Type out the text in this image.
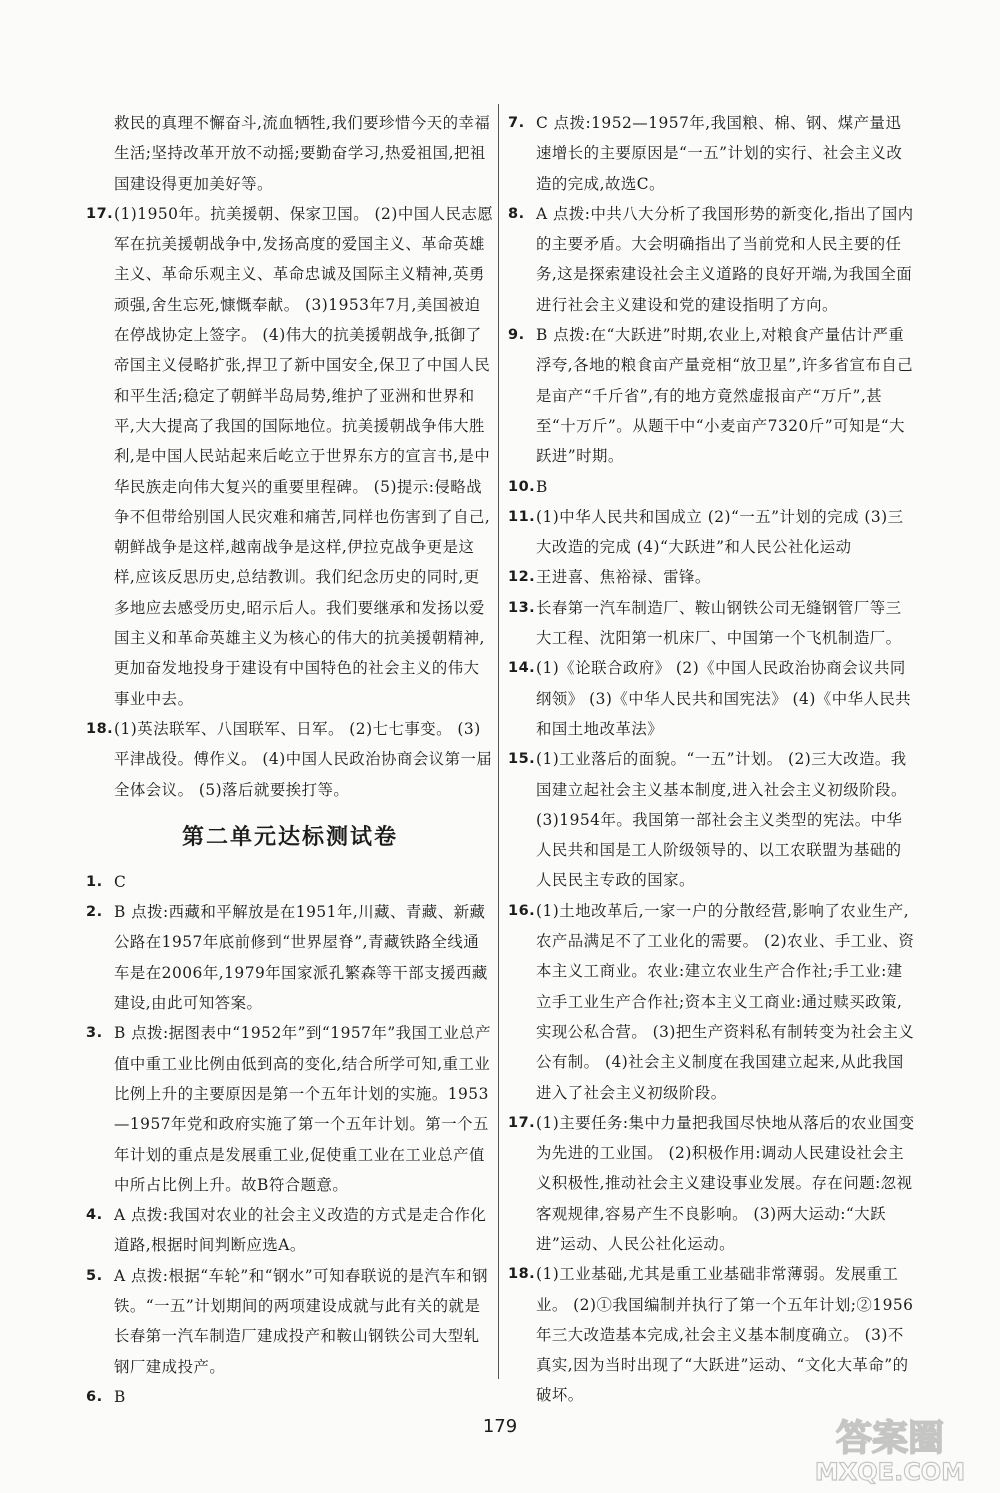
救民的真理不懈奋斗,流血牺牲,我们要珍惜今天的幸福生活;坚持改革开放不动摇;要勤奋学习,热爱祖国,把祖国建设得更加美好等。
17. (1)1950年。抗美援朝、保家卫国。 (2)中国人民志愿军在抗美援朝战争中,发扬高度的爱国主义、革命英雄主义、革命乐观主义、革命忠诚及国际主义精神,英勇顽强,舍生忘死,慷慨奉献。 (3)1953年7月,美国被迫在停战协定上签字。 (4)伟大的抗美援朝战争,抵御了帝国主义侵略扩张,捍卫了新中国安全,保卫了中国人民和平生活;稳定了朝鲜半岛局势,维护了亚洲和世界和平,大大提高了我国的国际地位。抗美援朝战争伟大胜利,是中国人民站起来后屹立于世界东方的宣言书,是中华民族走向伟大复兴的重要里程碑。 (5)提示:侵略战争不但带给别国人民灾难和痛苦,同样也伤害到了自己,朝鲜战争是这样,越南战争是这样,伊拉克战争更是这样,应该反思历史,总结教训。我们纪念历史的同时,更多地应去感受历史,昭示后人。我们要继承和发扬以爱国主义和革命英雄主义为核心的伟大的抗美援朝精神,更加奋发地投身于建设有中国特色的社会主义的伟大事业中去。
18. (1)英法联军、八国联军、日军。 (2)七七事变。 (3)平津战役。傅作义。 (4)中国人民政治协商会议第一届全体会议。 (5)落后就要挨打等。
第二单元达标测试卷
1. C
2. B 点拨:西藏和平解放是在1951年,川藏、青藏、新藏公路在1957年底前修到“世界屋脊”,青藏铁路全线通车是在2006年,1979年国家派孔繁森等干部支援西藏建设,由此可知答案。
3. B 点拨:据图表中“1952年”到“1957年”我国工业总产值中重工业比例由低到高的变化,结合所学可知,重工业比例上升的主要原因是第一个五年计划的实施。1953—1957年党和政府实施了第一个五年计划。第一个五年计划的重点是发展重工业,促使重工业在工业总产值中所占比例上升。故B符合题意。
4. A 点拨:我国对农业的社会主义改造的方式是走合作化道路,根据时间判断应选A。
5. A 点拨:根据“车轮”和“钢水”可知春联说的是汽车和钢铁。“一五”计划期间的两项建设成就与此有关的就是长春第一汽车制造厂建成投产和鞍山钢铁公司大型轧钢厂建成投产。
6. B
7. C 点拨:1952—1957年,我国粮、棉、钢、煤产量迅速增长的主要原因是“一五”计划的实行、社会主义改造的完成,故选C。
8. A 点拨:中共八大分析了我国形势的新变化,指出了国内的主要矛盾。大会明确指出了当前党和人民主要的任务,这是探索建设社会主义道路的良好开端,为我国全面进行社会主义建设和党的建设指明了方向。
9. B 点拨:在“大跃进”时期,农业上,对粮食产量估计严重浮夸,各地的粮食亩产量竞相“放卫星”,许多省宣布自己是亩产“千斤省”,有的地方竟然虚报亩产“万斤”,甚至“十万斤”。从题干中“小麦亩产7320斤”可知是“大跃进”时期。
10. B
11. (1)中华人民共和国成立 (2)“一五”计划的完成 (3)三大改造的完成 (4)“大跃进”和人民公社化运动
12. 王进喜、焦裕禄、雷锋。
13. 长春第一汽车制造厂、鞍山钢铁公司无缝钢管厂等三大工程、沈阳第一机床厂、中国第一个飞机制造厂。
14. (1)《论联合政府》 (2)《中国人民政治协商会议共同纲领》 (3)《中华人民共和国宪法》 (4)《中华人民共和国土地改革法》
15. (1)工业落后的面貌。“一五”计划。 (2)三大改造。我国建立起社会主义基本制度,进入社会主义初级阶段。(3)1954年。我国第一部社会主义类型的宪法。中华人民共和国是工人阶级领导的、以工农联盟为基础的人民民主专政的国家。
16. (1)土地改革后,一家一户的分散经营,影响了农业生产,农产品满足不了工业化的需要。 (2)农业、手工业、资本主义工商业。农业:建立农业生产合作社;手工业:建立手工业生产合作社;资本主义工商业:通过赎买政策,实现公私合营。 (3)把生产资料私有制转变为社会主义公有制。 (4)社会主义制度在我国建立起来,从此我国进入了社会主义初级阶段。
17. (1)主要任务:集中力量把我国尽快地从落后的农业国变为先进的工业国。 (2)积极作用:调动人民建设社会主义积极性,推动社会主义建设事业发展。存在问题:忽视客观规律,容易产生不良影响。 (3)两大运动:“大跃进”运动、人民公社化运动。
18. (1)工业基础,尤其是重工业基础非常薄弱。发展重工业。 (2)①我国编制并执行了第一个五年计划;②1956年三大改造基本完成,社会主义基本制度确立。 (3)不真实,因为当时出现了“大跃进”运动、“文化大革命”的破坏。
179	答案圈
MXQE.COM
